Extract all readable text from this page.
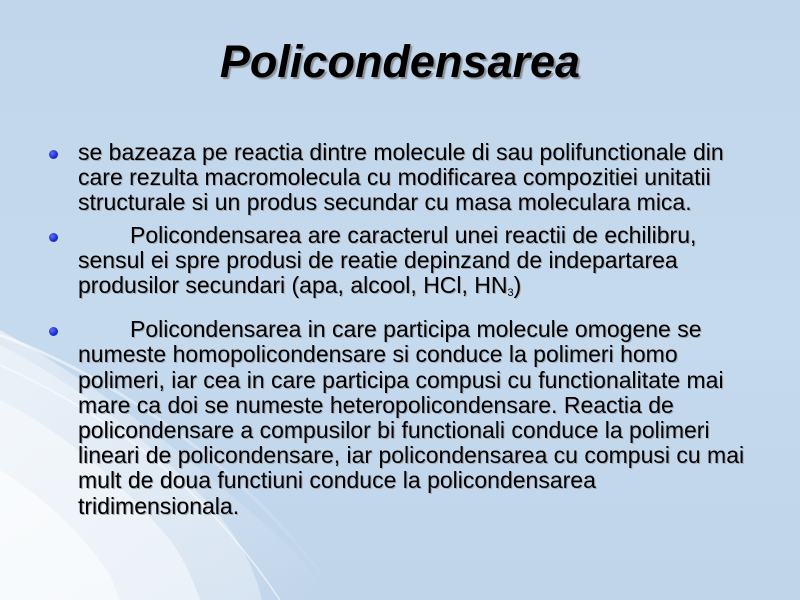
Policondensarea
se bazeaza pe reactia dintre molecule di sau polifunctionale din care rezulta macromolecula cu modificarea compozitiei unitatii structurale si un produs secundar cu masa moleculara mica.
Policondensarea are caracterul unei reactii de echilibru, sensul ei spre produsi de reatie depinzand de indepartarea produsilor secundari (apa, alcool, HCl, $HN_3$)
Policondensarea in care participa molecule omogene se numeste homopolicondensare si conduce la polimeri homo polimeri, iar cea in care participa compusi cu functionalitate mai mare ca doi se numeste heteropolicondensare. Reactia de policondensare a compusilor bi functionali conduce la polimeri lineari de policondensare, iar policondensarea cu compusi cu mai mult de doua functiuni conduce la policondensarea tridimensionala.
